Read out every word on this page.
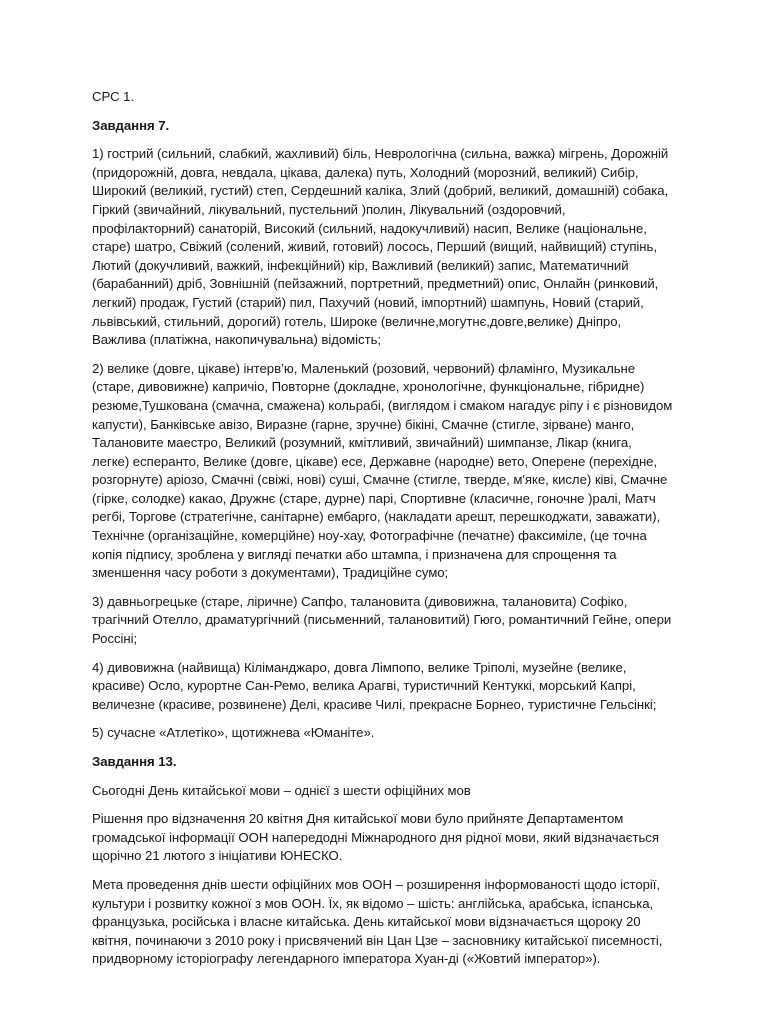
СРС 1.

Завдання 7.

1) гострий (сильний, слабкий, жахливий) біль, Неврологічна (сильна, важка) мігрень, Дорожній
(придорожній, довга, невдала, цікава, далека) путь, Холодний (морозний, великий) Сибір,
Широкий (великий, густий) степ, Сердешний каліка, Злий (добрий, великий, домашній) собака,
Гіркий (звичайний, лікувальний, пустельний )полин, Лікувальний (оздоровчий,
профілакторний) санаторій, Високий (сильний, надокучливий) насип, Велике (національне,
старе) шатро, Свіжий (солений, живий, готовий) лосось, Перший (вищий, найвищий) ступінь,
Лютий (докучливий, важкий, інфекційний) кір, Важливий (великий) запис, Математичний
(барабанний) дріб, Зовнішній (пейзажний, портретний, предметний) опис, Онлайн (ринковий,
легкий) продаж, Густий (старий) пил, Пахучий (новий, імпортний) шампунь, Новий (старий,
львівський, стильний, дорогий) готель, Широке (величне,могутнє,довге,велике) Дніпро,
Важлива (платіжна, накопичувальна) відомість;

2) велике (довге, цікаве) інтерв’ю, Маленький (розовий, червоний) фламінго, Музикальне
(старе, дивовижне) капричіо, Повторне (докладне, хронологічне, функціональне, гібридне)
резюме,Тушкована (смачна, смажена) кольрабі, (виглядом і смаком нагадує ріпу і є різновидом
капусти), Банківське авізо, Виразне (гарне, зручне) бікіні, Смачне (стигле, зірване) манго,
Талановите маестро, Великий (розумний, кмітливий, звичайний) шимпанзе, Лікар (книга,
легке) есперанто, Велике (довге, цікаве) есе, Державне (народне) вето, Оперене (перехідне,
розгорнуте) аріозо, Смачні (свіжі, нові) суші, Смачне (стигле, тверде, м'яке, кисле) ківі, Смачне
(гірке, солодке) какао, Дружнє (старе, дурне) парі, Спортивне (класичне, гоночне )ралі, Матч
регбі, Торгове (стратегічне, санітарне) ембарго, (накладати арешт, перешкоджати, заважати),
Технічне (організаційне, комерційне) ноу-хау, Фотографічне (печатне) факсиміле, (це точна
копія підпису, зроблена у вигляді печатки або штампа, і призначена для спрощення та
зменшення часу роботи з документами), Традиційне сумо;

3) давньогрецьке (старе, ліричне) Сапфо, талановита (дивовижна, талановита) Софіко,
трагічний Отелло, драматургічний (письменний, талановитий) Гюго, романтичний Гейне, опери
Россіні;

4) дивовижна (найвища) Кіліманджаро, довга Лімпопо, велике Тріполі, музейне (велике,
красиве) Осло, курортне Сан-Ремо, велика Арагві, туристичний Кентуккі, морський Капрі,
величезне (красиве, розвинене) Делі, красиве Чилі, прекрасне Борнео, туристичне Гельсінкі;

5) сучасне «Атлетіко», щотижнева «Юманіте».

Завдання 13.

Сьогодні День китайської мови – однієї з шести офіційних мов

Рішення про відзначення 20 квітня Дня китайської мови було прийняте Департаментом
громадської інформації ООН напередодні Міжнародного дня рідної мови, який відзначається
щорічно 21 лютого з ініціативи ЮНЕСКО.

Мета проведення днів шести офіційних мов ООН – розширення інформованості щодо історії,
культури і розвитку кожної з мов ООН. Їх, як відомо – шість: англійська, арабська, іспанська,
французька, російська і власне китайська. День китайської мови відзначається щороку 20
квітня, починаючи з 2010 року і присвячений він Цан Цзе – засновнику китайської писемності,
придворному історіографу легендарного імператора Хуан-ді («Жовтий імператор»).
